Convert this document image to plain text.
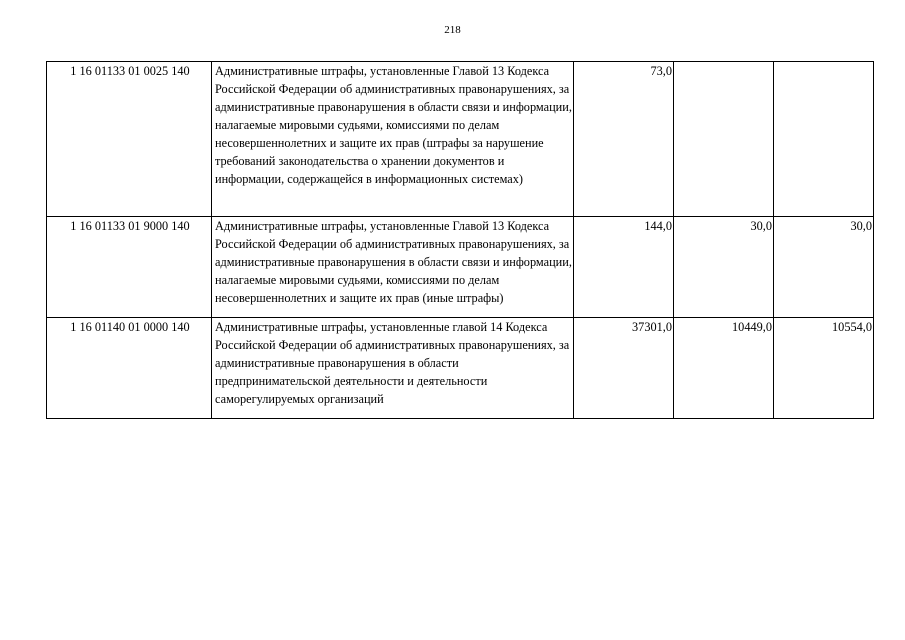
218
1 16 01133 01 0025 140	Административные штрафы, установленные Главой 13 Кодекса Российской Федерации об административных правонарушениях, за административные правонарушения в области связи и информации, налагаемые мировыми судьями, комиссиями по делам несовершеннолетних и защите их прав (штрафы за нарушение требований законодательства о хранении документов и информации, содержащейся в информационных системах)	73,0		
1 16 01133 01 9000 140	Административные штрафы, установленные Главой 13 Кодекса Российской Федерации об административных правонарушениях, за административные правонарушения в области связи и информации, налагаемые мировыми судьями, комиссиями по делам несовершеннолетних и защите их прав (иные штрафы)	144,0	30,0	30,0
1 16 01140 01 0000 140	Административные штрафы, установленные главой 14 Кодекса Российской Федерации об административных правонарушениях, за административные правонарушения в области предпринимательской деятельности и деятельности саморегулируемых организаций	37301,0	10449,0	10554,0
